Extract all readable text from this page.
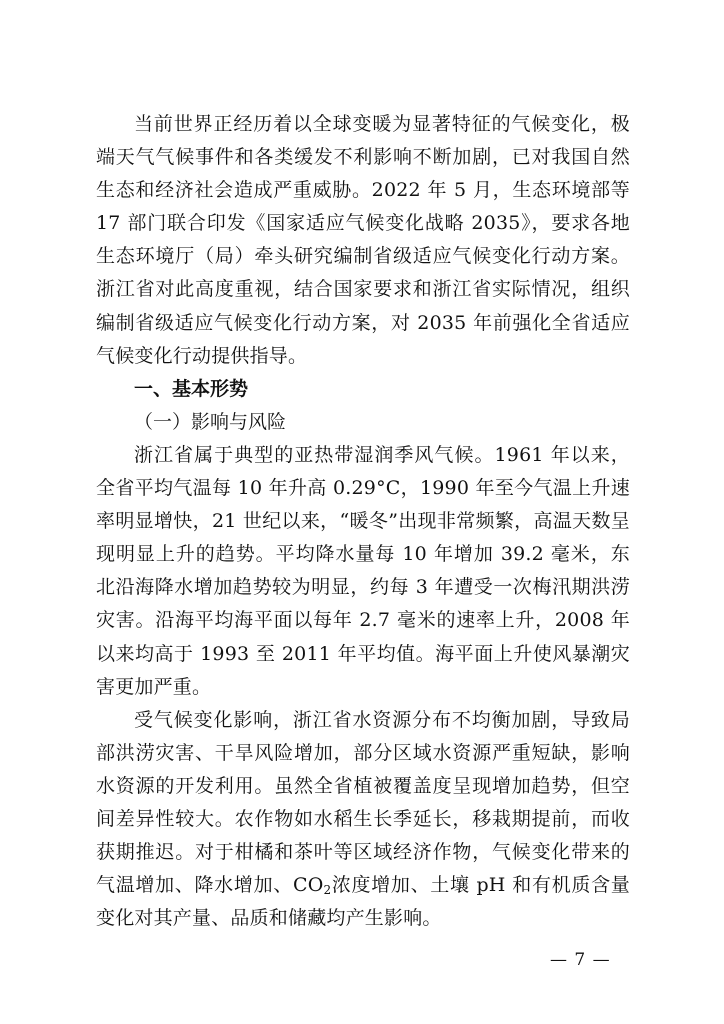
当前世界正经历着以全球变暖为显著特征的气候变化，极端天气气候事件和各类缓发不利影响不断加剧，已对我国自然生态和经济社会造成严重威胁。2022 年 5 月，生态环境部等 17 部门联合印发《国家适应气候变化战略 2035》，要求各地生态环境厅（局）牵头研究编制省级适应气候变化行动方案。浙江省对此高度重视，结合国家要求和浙江省实际情况，组织编制省级适应气候变化行动方案，对 2035 年前强化全省适应气候变化行动提供指导。

一、基本形势

（一）影响与风险

浙江省属于典型的亚热带湿润季风气候。1961 年以来，全省平均气温每 10 年升高 0.29°C，1990 年至今气温上升速率明显增快，21 世纪以来，“暖冬”出现非常频繁，高温天数呈现明显上升的趋势。平均降水量每 10 年增加 39.2 毫米，东北沿海降水增加趋势较为明显，约每 3 年遭受一次梅汛期洪涝灾害。沿海平均海平面以每年 2.7 毫米的速率上升，2008 年以来均高于 1993 至 2011 年平均值。海平面上升使风暴潮灾害更加严重。

受气候变化影响，浙江省水资源分布不均衡加剧，导致局部洪涝灾害、干旱风险增加，部分区域水资源严重短缺，影响水资源的开发利用。虽然全省植被覆盖度呈现增加趋势，但空间差异性较大。农作物如水稻生长季延长，移栽期提前，而收获期推迟。对于柑橘和茶叶等区域经济作物，气候变化带来的气温增加、降水增加、$CO_2$浓度增加、土壤 pH 和有机质含量变化对其产量、品质和储藏均产生影响。

— 7 —
